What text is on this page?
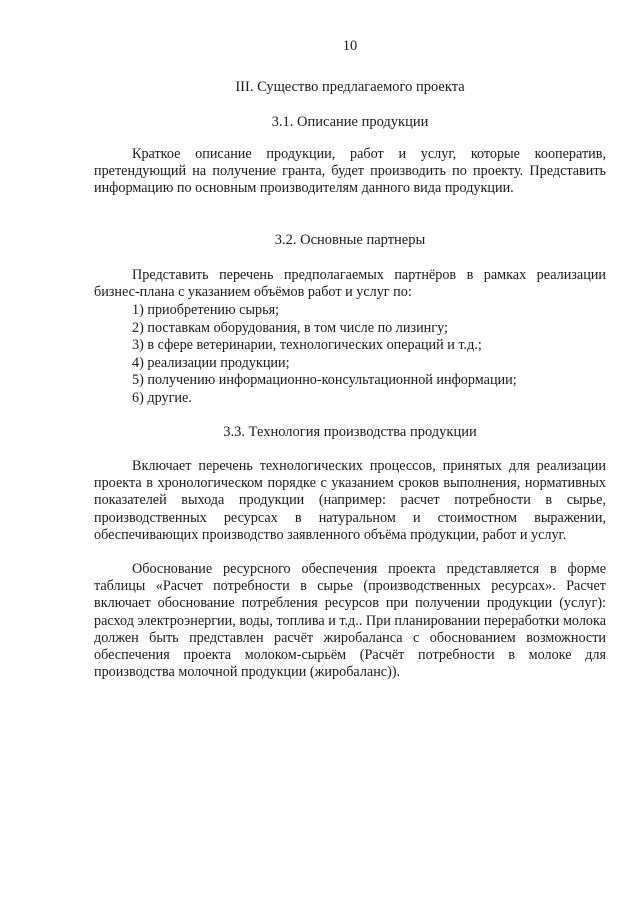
10
III. Существо предлагаемого проекта
3.1. Описание продукции

Краткое описание продукции, работ и услуг, которые кооператив, претендующий на получение гранта, будет производить по проекту. Представить информацию по основным производителям данного вида продукции.

3.2. Основные партнеры

Представить перечень предполагаемых партнёров в рамках реализации бизнес-плана с указанием объёмов работ и услуг по:

1) приобретению сырья;
2) поставкам оборудования, в том числе по лизингу;
3) в сфере ветеринарии, технологических операций и т.д.;
4) реализации продукции;
5) получению информационно-консультационной информации;
6) другие.
3.3. Технология производства продукции

Включает перечень технологических процессов, принятых для реализации проекта в хронологическом порядке с указанием сроков выполнения, нормативных показателей выхода продукции (например: расчет потребности в сырье, производственных ресурсах в натуральном и стоимостном выражении, обеспечивающих производство заявленного объёма продукции, работ и услуг.

Обоснование ресурсного обеспечения проекта представляется в форме таблицы «Расчет потребности в сырье (производственных ресурсах». Расчет включает обоснование потребления ресурсов при получении продукции (услуг): расход электроэнергии, воды, топлива и т.д.. При планировании переработки молока должен быть представлен расчёт жиробаланса с обоснованием возможности обеспечения проекта молоком-сырьём (Расчёт потребности в молоке для производства молочной продукции (жиробаланс)).
